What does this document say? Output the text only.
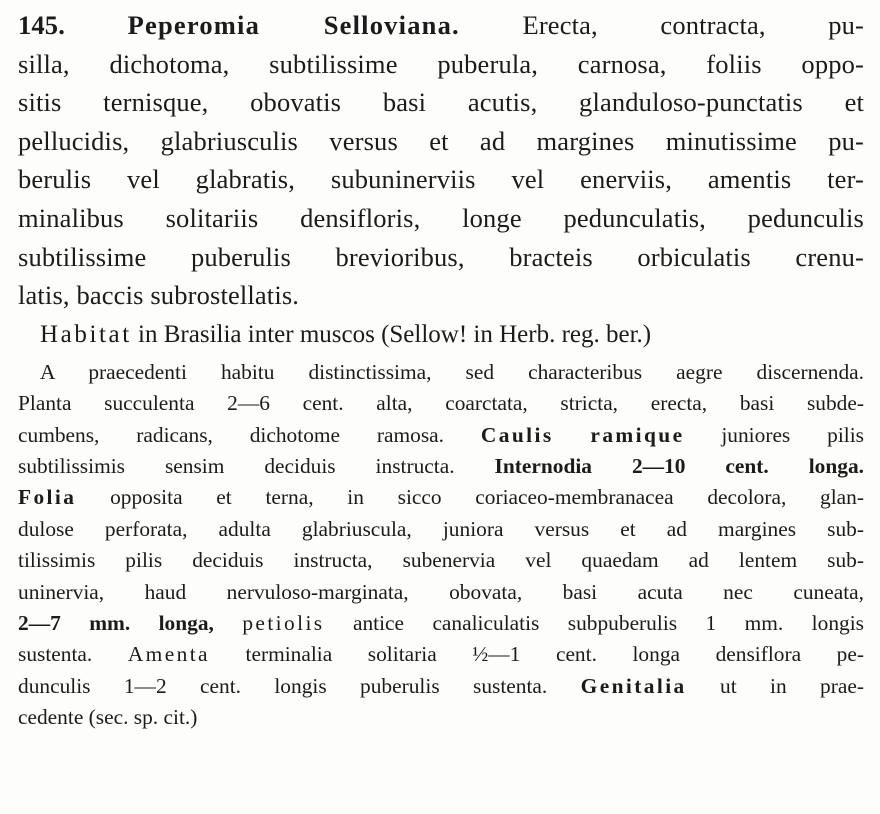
145. Peperomia Selloviana. Erecta, contracta, pu-
silla, dichotoma, subtilissime puberula, carnosa, foliis oppo-
sitis ternisque, obovatis basi acutis, glanduloso-punctatis et
pellucidis, glabriusculis versus et ad margines minutissime pu-
berulis vel glabratis, subuninerviis vel enerviis, amentis ter-
minalibus solitariis densifloris, longe pedunculatis, pedunculis
subtilissime puberulis brevioribus, bracteis orbiculatis crenu-
latis, baccis subrostellatis.
Habitat in Brasilia inter muscos (Sellow! in Herb. reg. ber.)
A praecedenti habitu distinctissima, sed characteribus aegre discernenda.
Planta succulenta 2—6 cent. alta, coarctata, stricta, erecta, basi subde-
cumbens, radicans, dichotome ramosa. Caulis ramique juniores pilis
subtilissimis sensim deciduis instructa. Internodia 2—10 cent. longa.
Folia opposita et terna, in sicco coriaceo-membranacea decolora, glan-
dulose perforata, adulta glabriuscula, juniora versus et ad margines sub-
tilissimis pilis deciduis instructa, subenervia vel quaedam ad lentem sub-
uninervia, haud nervuloso-marginata, obovata, basi acuta nec cuneata,
2—7 mm. longa, petiolis antice canaliculatis subpuberulis 1 mm. longis
sustenta. Amenta terminalia solitaria ½—1 cent. longa densiflora pe-
dunculis 1—2 cent. longis puberulis sustenta. Genitalia ut in prae-
cedente (sec. sp. cit.)
